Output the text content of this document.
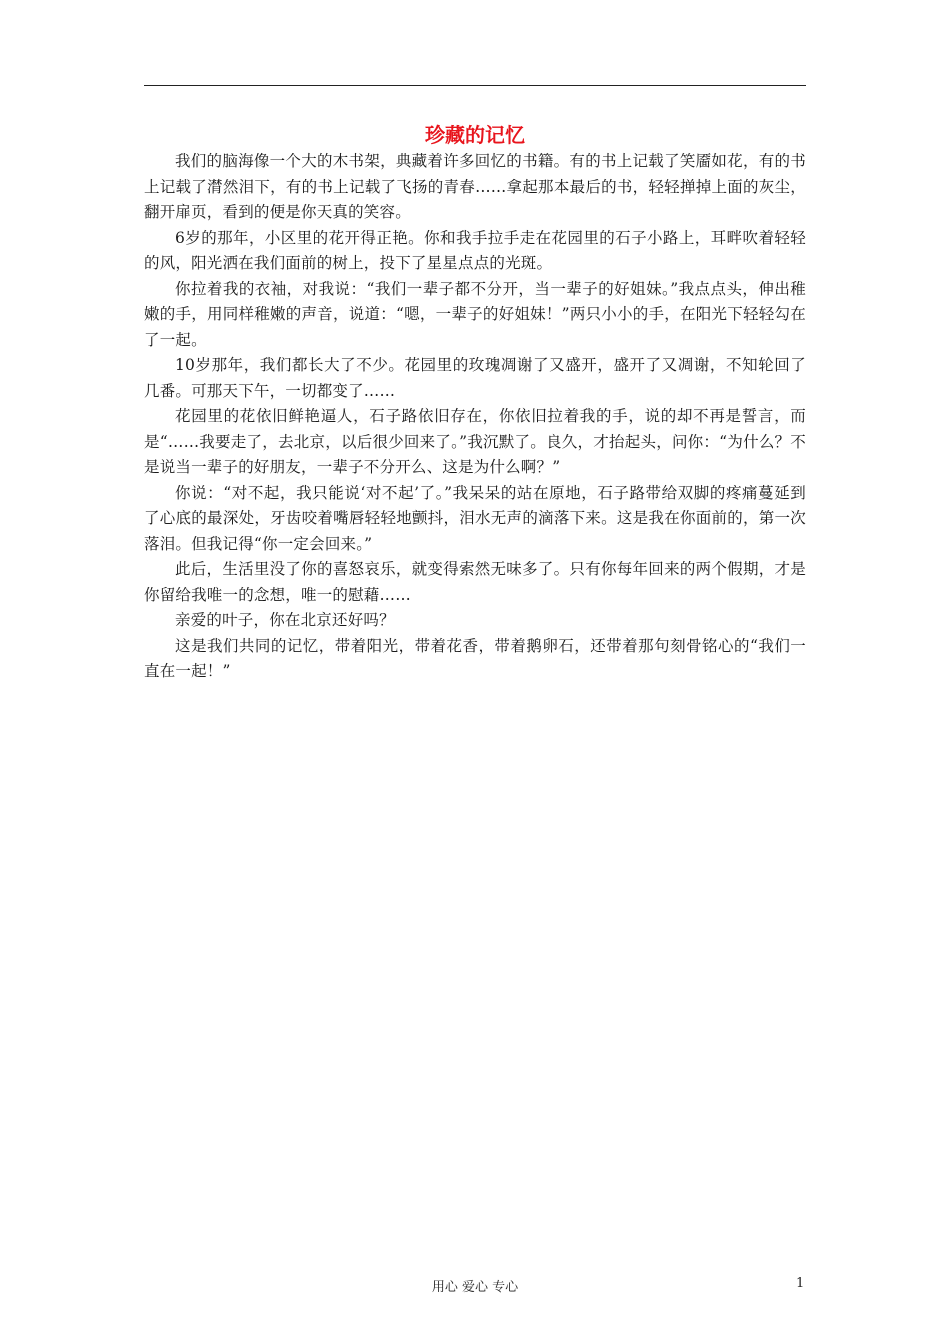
珍藏的记忆

我们的脑海像一个大的木书架，典藏着许多回忆的书籍。有的书上记载了笑靥如花，有的书上记载了潸然泪下，有的书上记载了飞扬的青春……拿起那本最后的书，轻轻掸掉上面的灰尘，翻开扉页，看到的便是你天真的笑容。

6岁的那年，小区里的花开得正艳。你和我手拉手走在花园里的石子小路上，耳畔吹着轻轻的风，阳光洒在我们面前的树上，投下了星星点点的光斑。

你拉着我的衣袖，对我说：“我们一辈子都不分开，当一辈子的好姐妹。”我点点头，伸出稚嫩的手，用同样稚嫩的声音，说道：“嗯，一辈子的好姐妹！”两只小小的手，在阳光下轻轻勾在了一起。

10岁那年，我们都长大了不少。花园里的玫瑰凋谢了又盛开，盛开了又凋谢，不知轮回了几番。可那天下午，一切都变了……

花园里的花依旧鲜艳逼人，石子路依旧存在，你依旧拉着我的手，说的却不再是誓言，而是“……我要走了，去北京，以后很少回来了。”我沉默了。良久，才抬起头，问你：“为什么？不是说当一辈子的好朋友，一辈子不分开么、这是为什么啊？”

你说：“对不起，我只能说‘对不起’了。”我呆呆的站在原地，石子路带给双脚的疼痛蔓延到了心底的最深处，牙齿咬着嘴唇轻轻地颤抖，泪水无声的滴落下来。这是我在你面前的，第一次落泪。但我记得“你一定会回来。”

此后，生活里没了你的喜怒哀乐，就变得索然无味多了。只有你每年回来的两个假期，才是你留给我唯一的念想，唯一的慰藉……

亲爱的叶子，你在北京还好吗？

这是我们共同的记忆，带着阳光，带着花香，带着鹅卵石，还带着那句刻骨铭心的“我们一直在一起！”

用心 爱心 专心	1
